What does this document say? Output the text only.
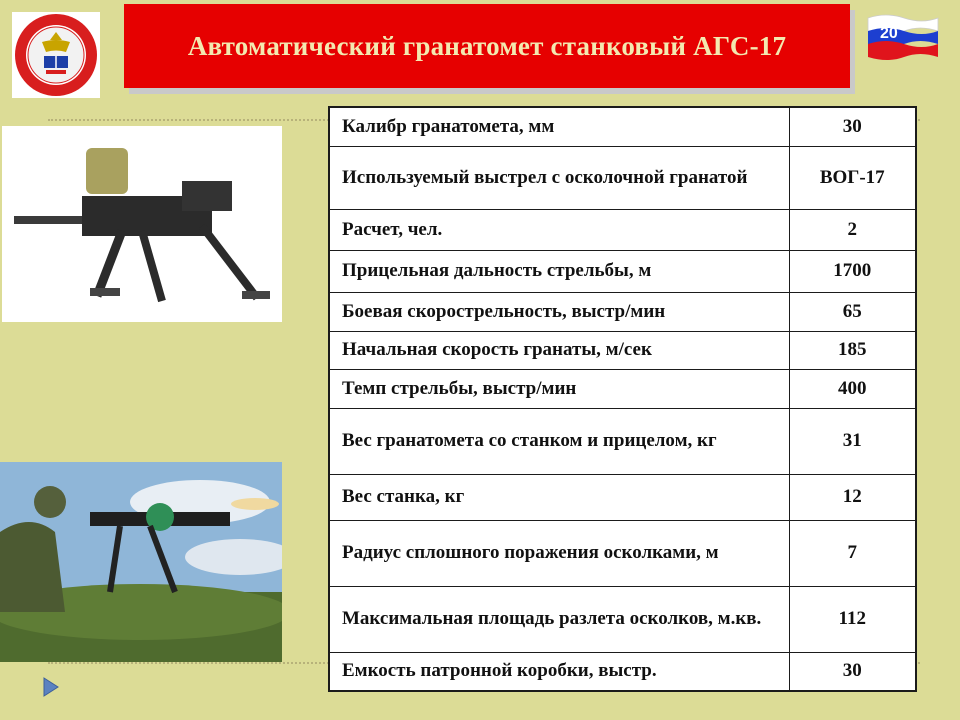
Автоматический гранатомет станковый АГС-17	20
Калибр гранатомета, мм	30
Используемый выстрел с осколочной гранатой	ВОГ-17
Расчет, чел.	2
Прицельная дальность стрельбы, м	1700
Боевая скорострельность, выстр/мин	65
Начальная скорость гранаты, м/сек	185
Темп стрельбы, выстр/мин	400
Вес гранатомета со станком и прицелом, кг	31
Вес станка, кг	12
Радиус сплошного поражения осколками, м	7
Максимальная площадь разлета осколков, м.кв.	112
Емкость патронной коробки, выстр.	30
